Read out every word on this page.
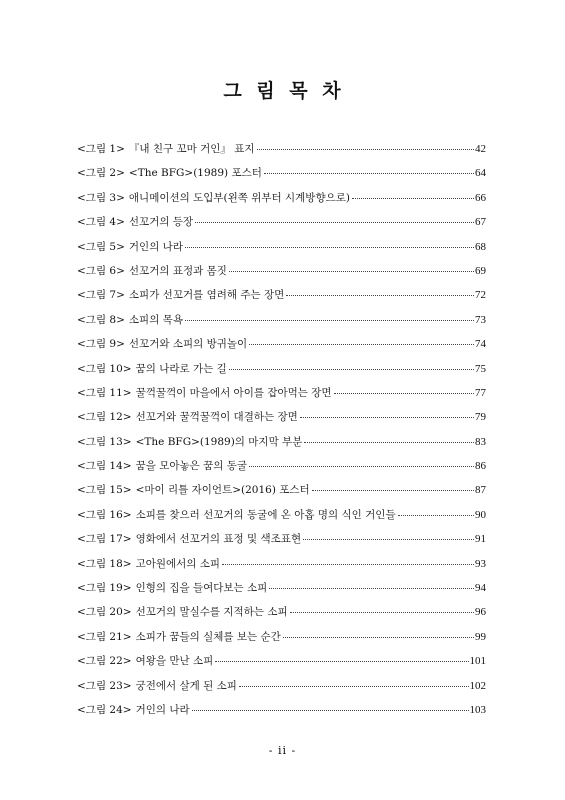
그 림 목 차
<그림 1> 『내 친구 꼬마 거인』 표지	42
<그림 2> <The BFG>(1989) 포스터	64
<그림 3> 애니메이션의 도입부(왼쪽 위부터 시계방향으로)	66
<그림 4> 선꼬거의 등장	67
<그림 5> 거인의 나라	68
<그림 6> 선꼬거의 표정과 몸짓	69
<그림 7> 소피가 선꼬거를 염려해 주는 장면	72
<그림 8> 소피의 목욕	73
<그림 9> 선꼬거와 소피의 방귀놀이	74
<그림 10> 꿈의 나라로 가는 길	75
<그림 11> 꿀꺽꿀꺽이 마을에서 아이를 잡아먹는 장면	77
<그림 12> 선꼬거와 꿀꺽꿀꺽이 대결하는 장면	79
<그림 13> <The BFG>(1989)의 마지막 부분	83
<그림 14> 꿈을 모아놓은 꿈의 동굴	86
<그림 15> <마이 리틀 자이언트>(2016) 포스터	87
<그림 16> 소피를 찾으러 선꼬거의 동굴에 온 아홉 명의 식인 거인들	90
<그림 17> 영화에서 선꼬거의 표정 및 색조표현	91
<그림 18> 고아원에서의 소피	93
<그림 19> 인형의 집을 들여다보는 소피	94
<그림 20> 선꼬거의 말실수를 지적하는 소피	96
<그림 21> 소피가 꿈들의 실체를 보는 순간	99
<그림 22> 여왕을 만난 소피	101
<그림 23> 궁전에서 살게 된 소피	102
<그림 24> 거인의 나라	103
- ii -
